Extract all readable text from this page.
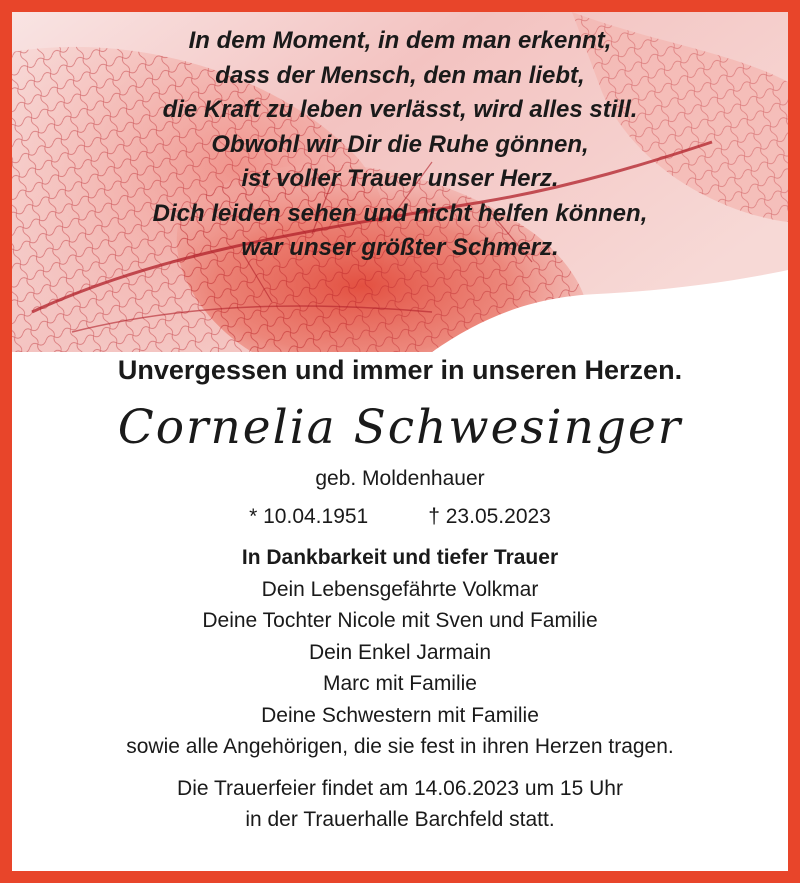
In dem Moment, in dem man erkennt,
dass der Mensch, den man liebt,
die Kraft zu leben verlässt, wird alles still.
Obwohl wir Dir die Ruhe gönnen,
ist voller Trauer unser Herz.
Dich leiden sehen und nicht helfen können,
war unser größter Schmerz.

Unvergessen und immer in unseren Herzen.

Cornelia Schwesinger

geb. Moldenhauer

* 10.04.1951	† 23.05.2023

In Dankbarkeit und tiefer Trauer
Dein Lebensgefährte Volkmar
Deine Tochter Nicole mit Sven und Familie
Dein Enkel Jarmain
Marc mit Familie
Deine Schwestern mit Familie
sowie alle Angehörigen, die sie fest in ihren Herzen tragen.
Die Trauerfeier findet am 14.06.2023 um 15 Uhr
in der Trauerhalle Barchfeld statt.
